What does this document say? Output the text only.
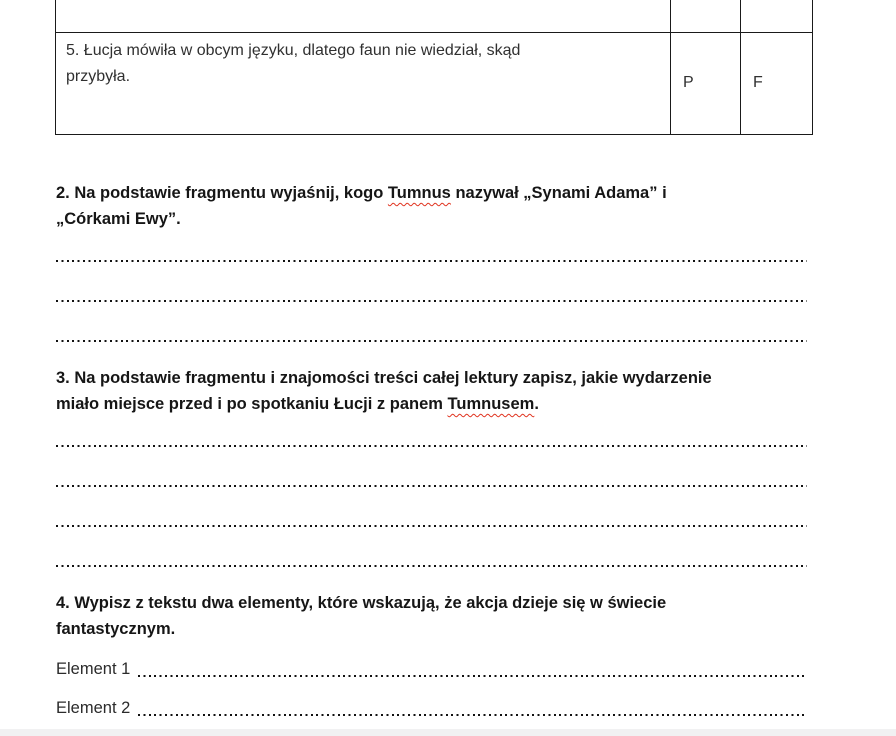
5. Łucja mówiła w obcym języku, dlatego faun nie wiedział, skąd
przybyła.	P	F

2. Na podstawie fragmentu wyjaśnij, kogo Tumnus nazywał „Synami Adama” i
„Córkami Ewy”.

3. Na podstawie fragmentu i znajomości treści całej lektury zapisz, jakie wydarzenie
miało miejsce przed i po spotkaniu Łucji z panem Tumnusem.

4. Wypisz z tekstu dwa elementy, które wskazują, że akcja dzieje się w świecie
fantastycznym.

Element 1
Element 2
